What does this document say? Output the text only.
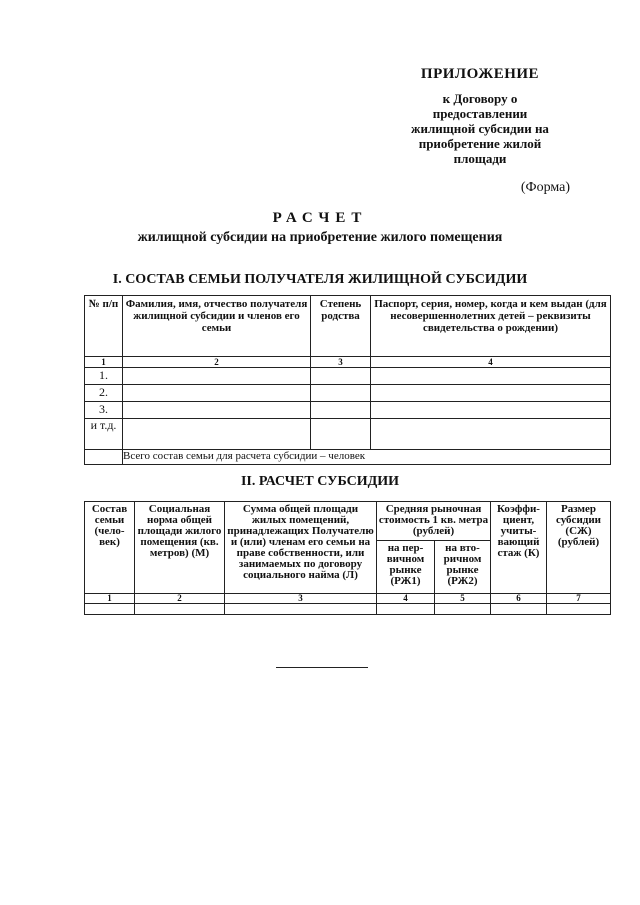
ПРИЛОЖЕНИЕ
к Договору о
предоставлении
жилищной субсидии на
приобретение жилой
площади
(Форма)
РАСЧЕТ
жилищной субсидии на приобретение жилого помещения
I. СОСТАВ СЕМЬИ ПОЛУЧАТЕЛЯ ЖИЛИЩНОЙ СУБСИДИИ
№ п/п	Фамилия, имя, отчество получателя жилищной субсидии и членов его семьи	Степень родства	Паспорт, серия, номер, когда и кем выдан (для несовершеннолетних детей – реквизиты свидетельства о рождении)
1	2	3	4
1.			
2.			
3.			
и т.д.			
	Всего состав семьи для расчета субсидии – человек		
II. РАСЧЕТ СУБСИДИИ
Состав семьи (чело-век)	Социальная норма общей площади жилого помещения (кв. метров) (М)	Сумма общей площади жилых помещений, принадлежащих Получателю и (или) членам его семьи на праве собственности, или занимаемых по договору социального найма (Л)	Средняя рыночная стоимость 1 кв. метра (рублей)		Коэффи-циент, учиты-вающий стаж (К)	Размер субсидии (СЖ) (рублей)
			на пер-вичном рынке (РЖ1)	на вто-ричном рынке (РЖ2)		
1	2	3	4	5	6	7
